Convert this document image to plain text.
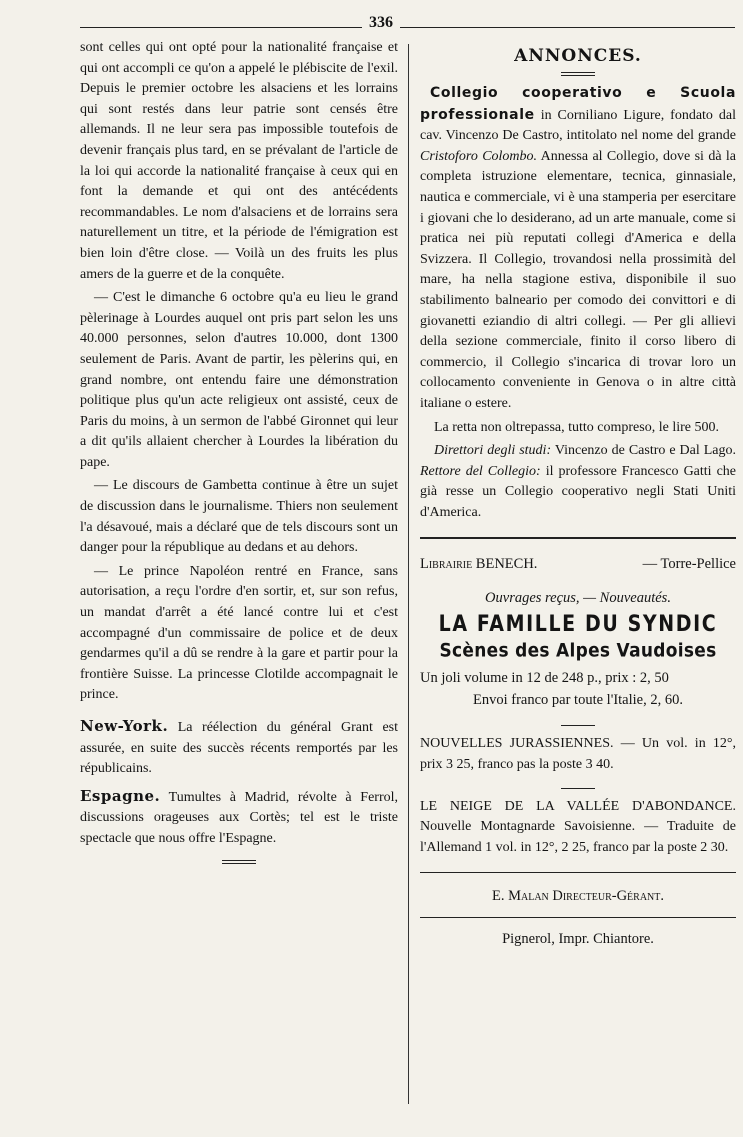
336

sont celles qui ont opté pour la nationalité française et qui ont accompli ce qu'on a appelé le plébiscite de l'exil. Depuis le premier octobre les alsaciens et les lorrains qui sont restés dans leur patrie sont censés être allemands. Il ne leur sera pas impossible toutefois de devenir français plus tard, en se prévalant de l'article de la loi qui accorde la nationalité française à ceux qui en font la demande et qui ont des antécédents recommandables. Le nom d'alsaciens et de lorrains sera naturellement un titre, et la période de l'émigration est bien loin d'être close. — Voilà un des fruits les plus amers de la guerre et de la conquête.

— C'est le dimanche 6 octobre qu'a eu lieu le grand pèlerinage à Lourdes auquel ont pris part selon les uns 40.000 personnes, selon d'autres 10.000, dont 1300 seulement de Paris. Avant de partir, les pèlerins qui, en grand nombre, ont entendu faire une démonstration politique plus qu'un acte religieux ont assisté, ceux de Paris du moins, à un sermon de l'abbé Gironnet qui leur a dit qu'ils allaient chercher à Lourdes la libération du pape.

— Le discours de Gambetta continue à être un sujet de discussion dans le journalisme. Thiers non seulement l'a désavoué, mais a déclaré que de tels discours sont un danger pour la république au dedans et au dehors.

— Le prince Napoléon rentré en France, sans autorisation, a reçu l'ordre d'en sortir, et, sur son refus, un mandat d'arrêt a été lancé contre lui et c'est accompagné d'un commissaire de police et de deux gendarmes qu'il a dû se rendre à la gare et partir pour la frontière Suisse. La princesse Clotilde accompagnait le prince.

New-York. La réélection du général Grant est assurée, en suite des succès récents remportés par les républicains.

Espagne. Tumultes à Madrid, révolte à Ferrol, discussions orageuses aux Cortès; tel est le triste spectacle que nous offre l'Espagne.

ANNONCES.

Collegio cooperativo e Scuola professionale in Corniliano Ligure, fondato dal cav. Vincenzo De Castro, intitolato nel nome del grande Cristoforo Colombo. Annessa al Collegio, dove si dà la completa istruzione elementare, tecnica, ginnasiale, nautica e commerciale, vi è una stamperia per esercitare i giovani che lo desiderano, ad un arte manuale, come si pratica nei più reputati collegi d'America e della Svizzera. Il Collegio, trovandosi nella prossimità del mare, ha nella stagione estiva, disponibile il suo stabilimento balneario per comodo dei convittori e di giovanetti eziandio di altri collegi. — Per gli allievi della sezione commerciale, finito il corso libero di commercio, il Collegio s'incarica di trovar loro un collocamento conveniente in Genova o in altre città italiane o estere.

La retta non oltrepassa, tutto compreso, le lire 500.

Direttori degli studi: Vincenzo de Castro e Dal Lago. Rettore del Collegio: il professore Francesco Gatti che già resse un Collegio cooperativo negli Stati Uniti d'America.

Librairie BENECH.	— Torre-Pellice
Ouvrages reçus, — Nouveautés.
LA FAMILLE DU SYNDIC
Scènes des Alpes Vaudoises
Un joli volume in 12 de 248 p., prix : 2, 50
Envoi franco par toute l'Italie, 2, 60.

NOUVELLES JURASSIENNES. — Un vol. in 12°, prix 3 25, franco pas la poste 3 40.

LE NEIGE DE LA VALLÉE D'ABONDANCE. Nouvelle Montagnarde Savoisienne. — Traduite de l'Allemand 1 vol. in 12°, 2 25, franco par la poste 2 30.

E. Malan Directeur-Gérant.
Pignerol, Impr. Chiantore.
